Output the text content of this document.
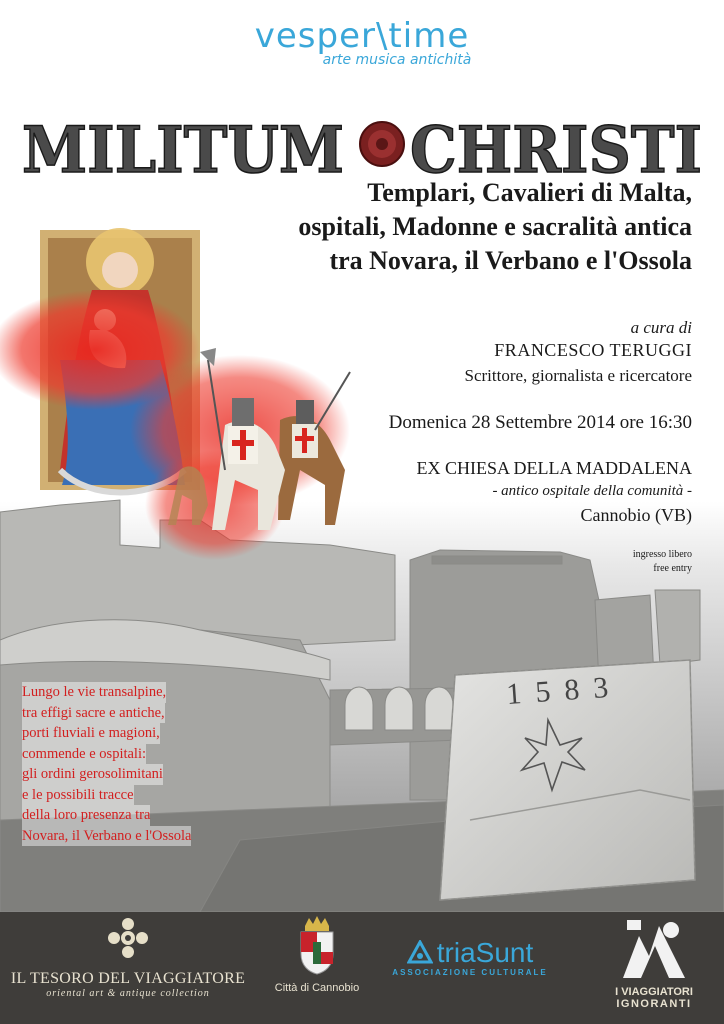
1583
vesper\time
arte musica antichità
MILITUM CHRISTI
Templari, Cavalieri di Malta,
ospitali, Madonne e sacralità antica
tra Novara, il Verbano e l'Ossola
a cura di
FRANCESCO TERUGGI
Scrittore, giornalista e ricercatore
Domenica 28 Settembre 2014 ore 16:30
EX CHIESA DELLA MADDALENA
- antico ospitale della comunità -
Cannobio (VB)
ingresso libero
free entry
Lungo le vie transalpine,
tra effigi sacre e antiche,
porti fluviali e magioni,
commende e ospitali:
gli ordini gerosolimitani
e le possibili tracce
della loro presenza tra
Novara, il Verbano e l'Ossola
IL TESORO DEL VIAGGIATORE
oriental art & antique collection	Città di Cannobio
triaSunt
ASSOCIAZIONE CULTURALE
I VIAGGIATORI
IGNORANTI
